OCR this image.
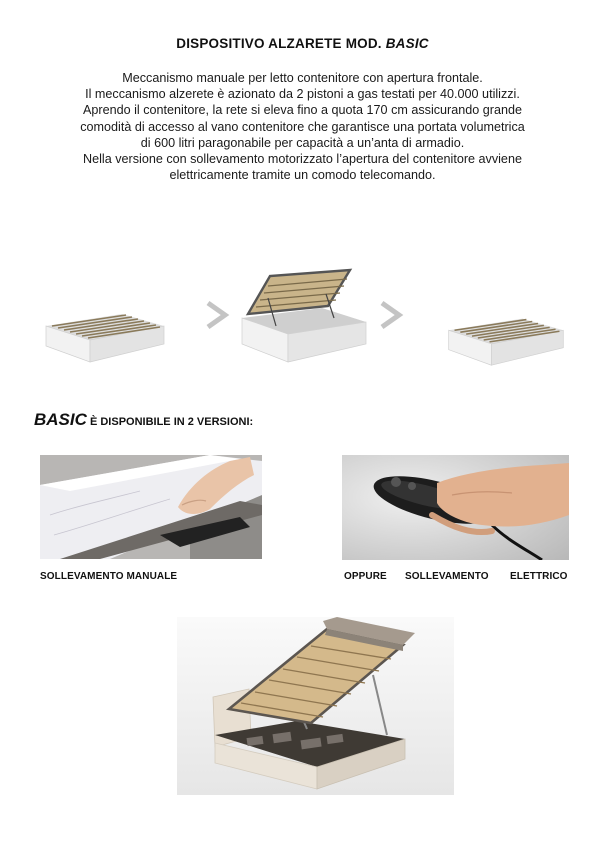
DISPOSITIVO ALZARETE MOD. BASIC
Meccanismo manuale per letto contenitore con apertura frontale.
Il meccanismo alzerete è azionato da 2 pistoni a gas testati per 40.000 utilizzi.
Aprendo il contenitore, la rete si eleva fino a quota 170 cm assicurando grande
comodità di accesso al vano contenitore che garantisce una portata volumetrica
di 600 litri paragonabile per capacità a un’anta di armadio.
Nella versione con sollevamento motorizzato l’apertura del contenitore avviene
elettricamente tramite un comodo telecomando.
BASIC È DISPONIBILE IN 2 VERSIONI:
SOLLEVAMENTO MANUALE	OPPURE SOLLEVAMENTO ELETTRICO
